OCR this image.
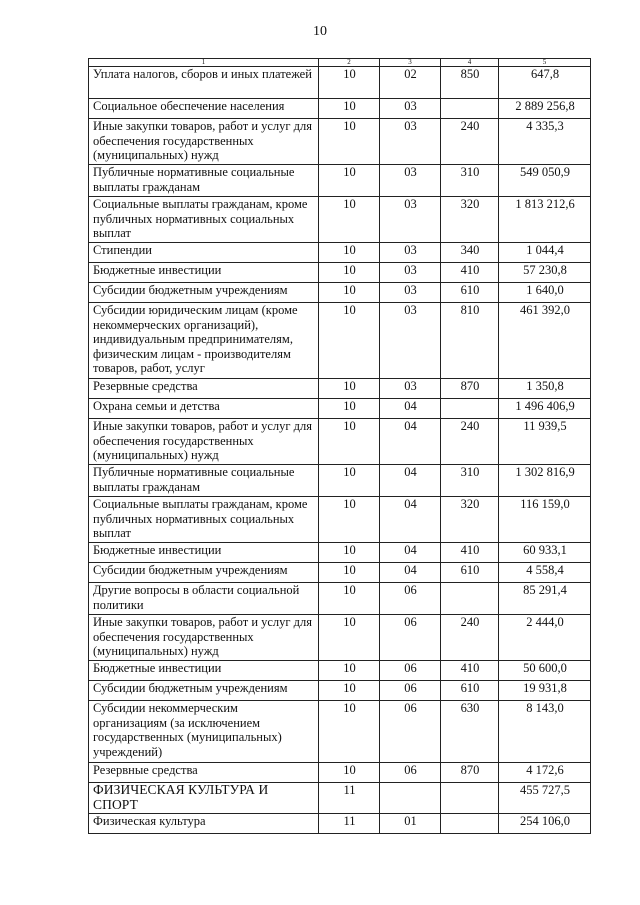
10
1	2	3	4	5
Уплата налогов, сборов и иных платежей	10	02	850	647,8
Социальное обеспечение населения	10	03		2 889 256,8
Иные закупки товаров, работ и услуг для обеспечения государственных (муниципальных) нужд	10	03	240	4 335,3
Публичные нормативные социальные выплаты гражданам	10	03	310	549 050,9
Социальные выплаты гражданам, кроме публичных нормативных социальных выплат	10	03	320	1 813 212,6
Стипендии	10	03	340	1 044,4
Бюджетные инвестиции	10	03	410	57 230,8
Субсидии бюджетным учреждениям	10	03	610	1 640,0
Субсидии юридическим лицам (кроме некоммерческих организаций), индивидуальным предпринимателям, физическим лицам - производителям товаров, работ, услуг	10	03	810	461 392,0
Резервные средства	10	03	870	1 350,8
Охрана семьи и детства	10	04		1 496 406,9
Иные закупки товаров, работ и услуг для обеспечения государственных (муниципальных) нужд	10	04	240	11 939,5
Публичные нормативные социальные выплаты гражданам	10	04	310	1 302 816,9
Социальные выплаты гражданам, кроме публичных нормативных социальных выплат	10	04	320	116 159,0
Бюджетные инвестиции	10	04	410	60 933,1
Субсидии бюджетным учреждениям	10	04	610	4 558,4
Другие вопросы в области социальной политики	10	06		85 291,4
Иные закупки товаров, работ и услуг для обеспечения государственных (муниципальных) нужд	10	06	240	2 444,0
Бюджетные инвестиции	10	06	410	50 600,0
Субсидии бюджетным учреждениям	10	06	610	19 931,8
Субсидии некоммерческим организациям (за исключением государственных (муниципальных) учреждений)	10	06	630	8 143,0
Резервные средства	10	06	870	4 172,6
ФИЗИЧЕСКАЯ КУЛЬТУРА И СПОРТ	11			455 727,5
Физическая культура	11	01		254 106,0
